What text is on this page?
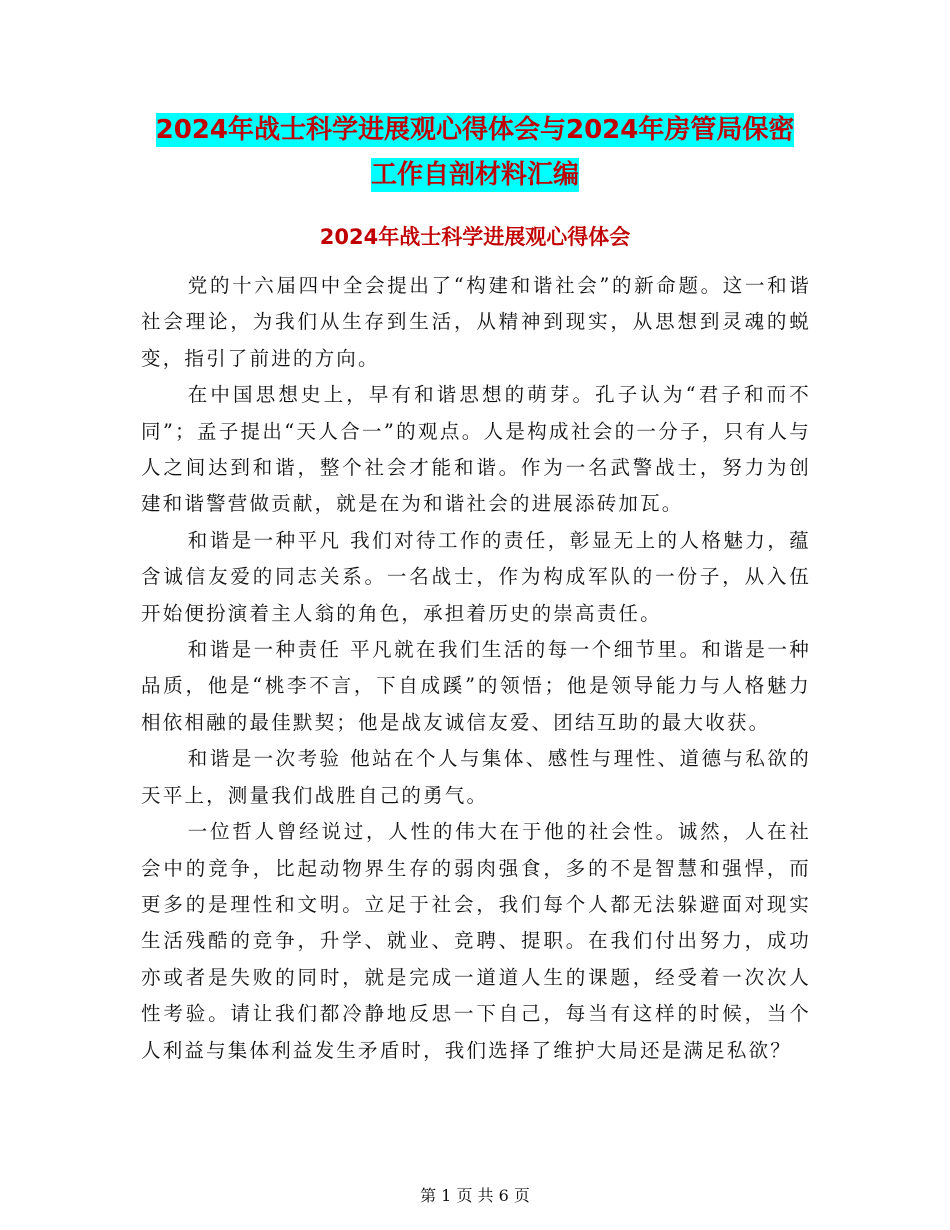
2024年战士科学进展观心得体会与2024年房管局保密
工作自剖材料汇编
2024年战士科学进展观心得体会

党的十六届四中全会提出了“构建和谐社会”的新命题。这一和谐社会理论，为我们从生存到生活，从精神到现实，从思想到灵魂的蜕变，指引了前进的方向。

在中国思想史上，早有和谐思想的萌芽。孔子认为“君子和而不同”；孟子提出“天人合一”的观点。人是构成社会的一分子，只有人与人之间达到和谐，整个社会才能和谐。作为一名武警战士，努力为创建和谐警营做贡献，就是在为和谐社会的进展添砖加瓦。

和谐是一种平凡 我们对待工作的责任，彰显无上的人格魅力，蕴含诚信友爱的同志关系。一名战士，作为构成军队的一份子，从入伍开始便扮演着主人翁的角色，承担着历史的崇高责任。

和谐是一种责任 平凡就在我们生活的每一个细节里。和谐是一种品质，他是“桃李不言，下自成蹊”的领悟；他是领导能力与人格魅力相依相融的最佳默契；他是战友诚信友爱、团结互助的最大收获。

和谐是一次考验 他站在个人与集体、感性与理性、道德与私欲的天平上，测量我们战胜自己的勇气。

一位哲人曾经说过，人性的伟大在于他的社会性。诚然，人在社会中的竞争，比起动物界生存的弱肉强食，多的不是智慧和强悍，而更多的是理性和文明。立足于社会，我们每个人都无法躲避面对现实生活残酷的竞争，升学、就业、竞聘、提职。在我们付出努力，成功亦或者是失败的同时，就是完成一道道人生的课题，经受着一次次人性考验。请让我们都冷静地反思一下自己，每当有这样的时候，当个人利益与集体利益发生矛盾时，我们选择了维护大局还是满足私欲？

第 1 页 共 6 页
